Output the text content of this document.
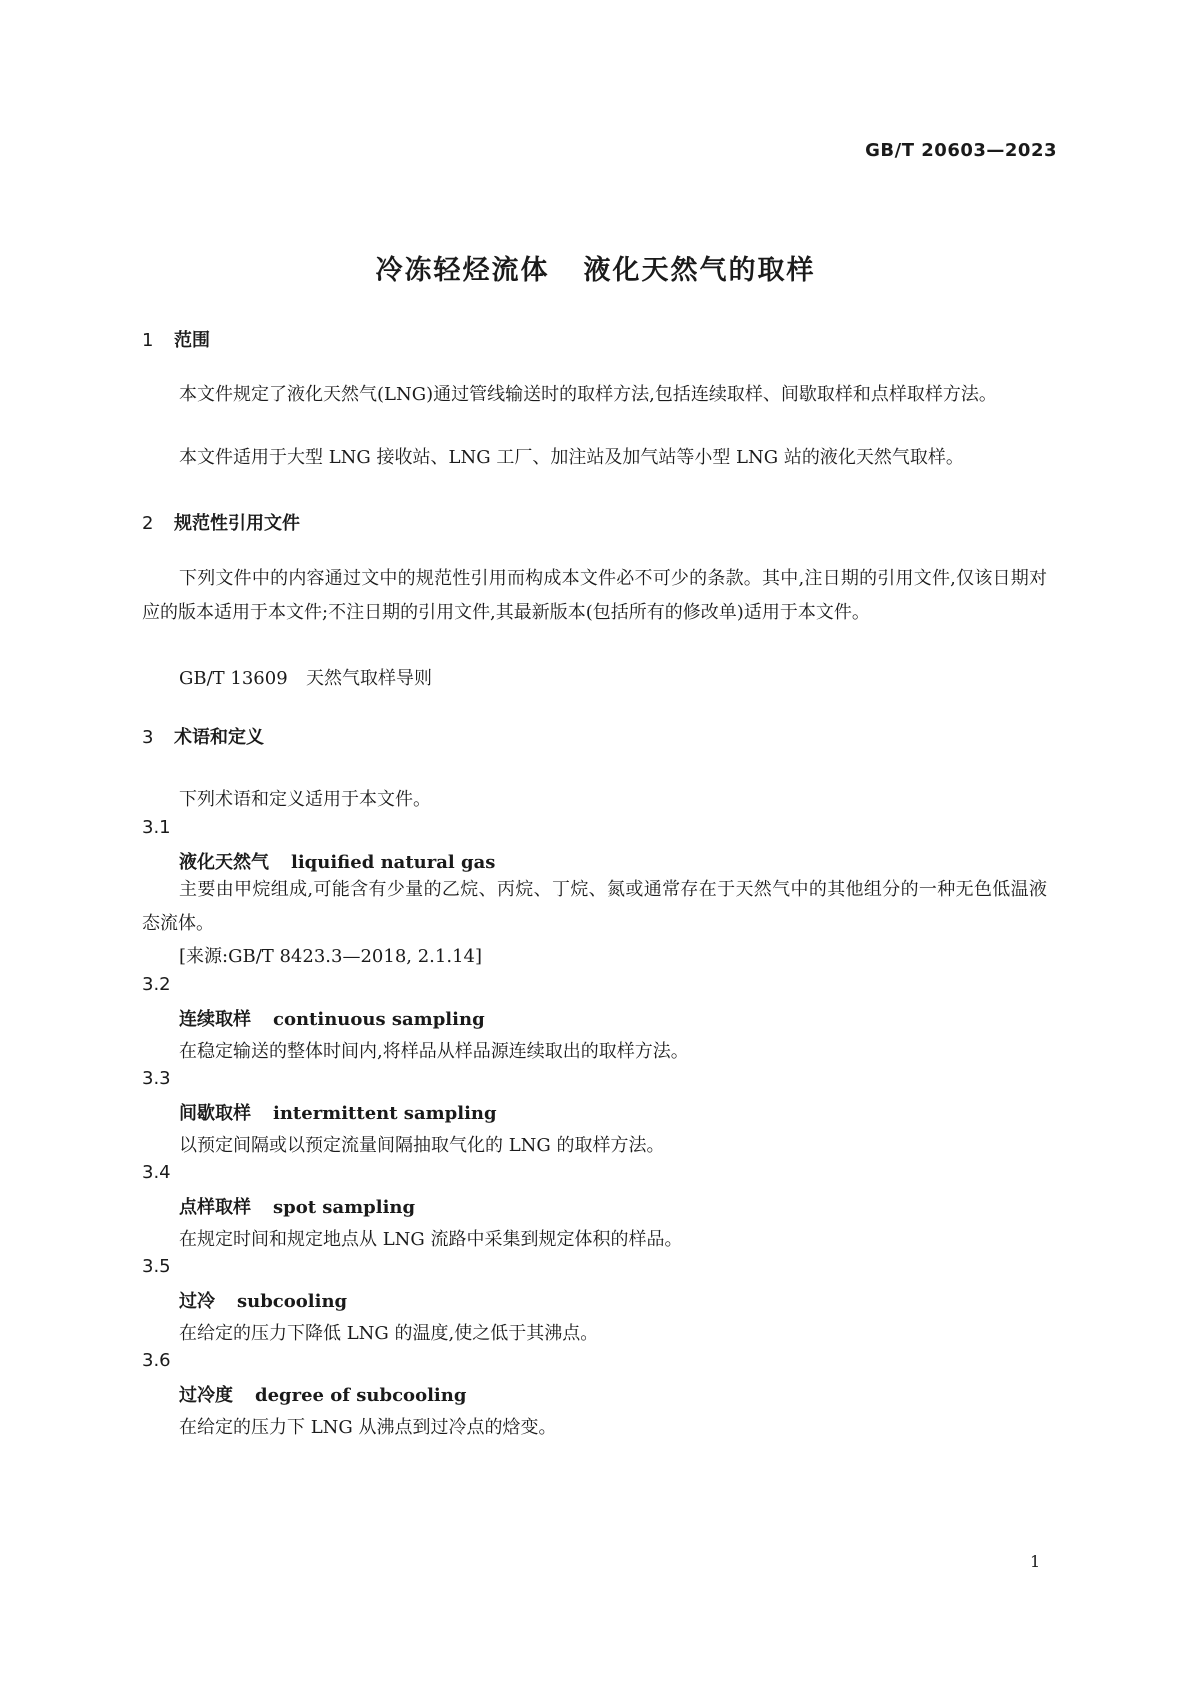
GB/T 20603—2023
冷冻轻烃流体 液化天然气的取样
1 范围
本文件规定了液化天然气(LNG)通过管线输送时的取样方法,包括连续取样、间歇取样和点样取样方法。
本文件适用于大型 LNG 接收站、LNG 工厂、加注站及加气站等小型 LNG 站的液化天然气取样。
2 规范性引用文件
下列文件中的内容通过文中的规范性引用而构成本文件必不可少的条款。其中,注日期的引用文件,仅该日期对应的版本适用于本文件;不注日期的引用文件,其最新版本(包括所有的修改单)适用于本文件。
GB/T 13609 天然气取样导则
3 术语和定义
下列术语和定义适用于本文件。
3.1
液化天然气 liquified natural gas
主要由甲烷组成,可能含有少量的乙烷、丙烷、丁烷、氮或通常存在于天然气中的其他组分的一种无色低温液态流体。
[来源:GB/T 8423.3—2018, 2.1.14]
3.2
连续取样 continuous sampling
在稳定输送的整体时间内,将样品从样品源连续取出的取样方法。
3.3
间歇取样 intermittent sampling
以预定间隔或以预定流量间隔抽取气化的 LNG 的取样方法。
3.4
点样取样 spot sampling
在规定时间和规定地点从 LNG 流路中采集到规定体积的样品。
3.5
过冷 subcooling
在给定的压力下降低 LNG 的温度,使之低于其沸点。
3.6
过冷度 degree of subcooling
在给定的压力下 LNG 从沸点到过冷点的焓变。
1
